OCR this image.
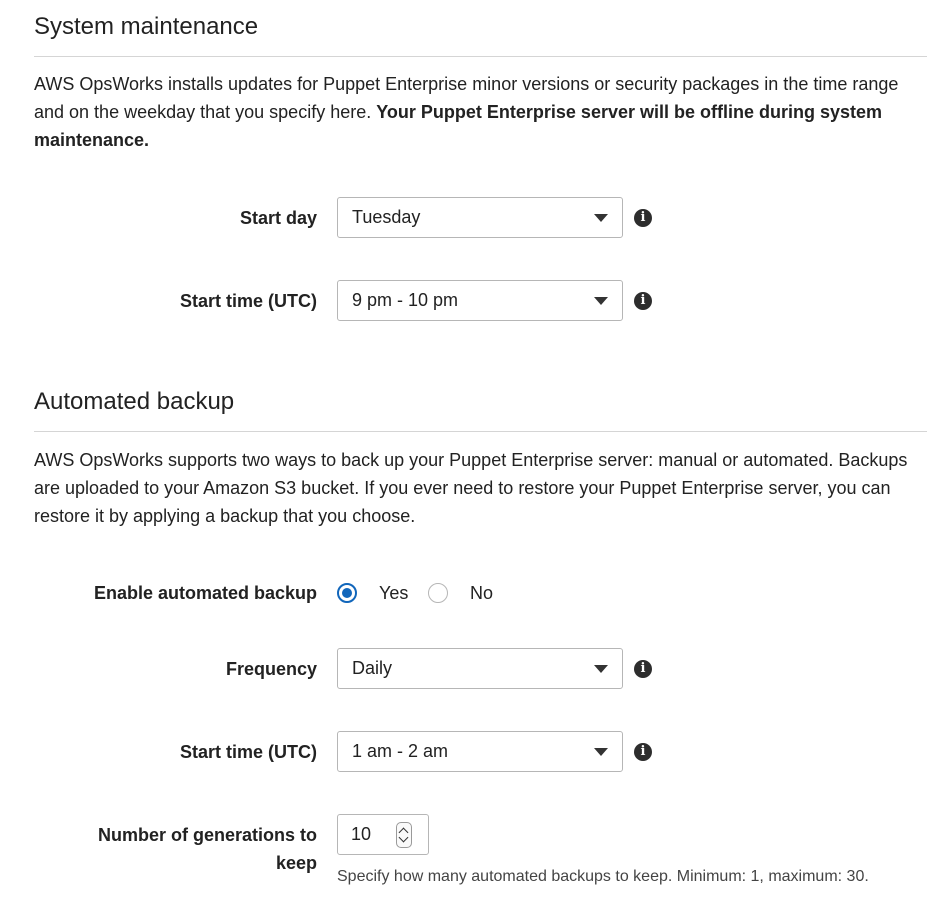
System maintenance

AWS OpsWorks installs updates for Puppet Enterprise minor versions or security packages in the time range and on the weekday that you specify here. Your Puppet Enterprise server will be offline during system maintenance.

Start day Tuesday	i
Start time (UTC) 9 pm - 10 pm	i
Automated backup

AWS OpsWorks supports two ways to back up your Puppet Enterprise server: manual or automated. Backups are uploaded to your Amazon S3 bucket. If you ever need to restore your Puppet Enterprise server, you can restore it by applying a backup that you choose.

Enable automated backup	Yes	No
Frequency Daily	i
Start time (UTC) 1 am - 2 am	i
Number of generations to keep
10
Specify how many automated backups to keep. Minimum: 1, maximum: 30.
